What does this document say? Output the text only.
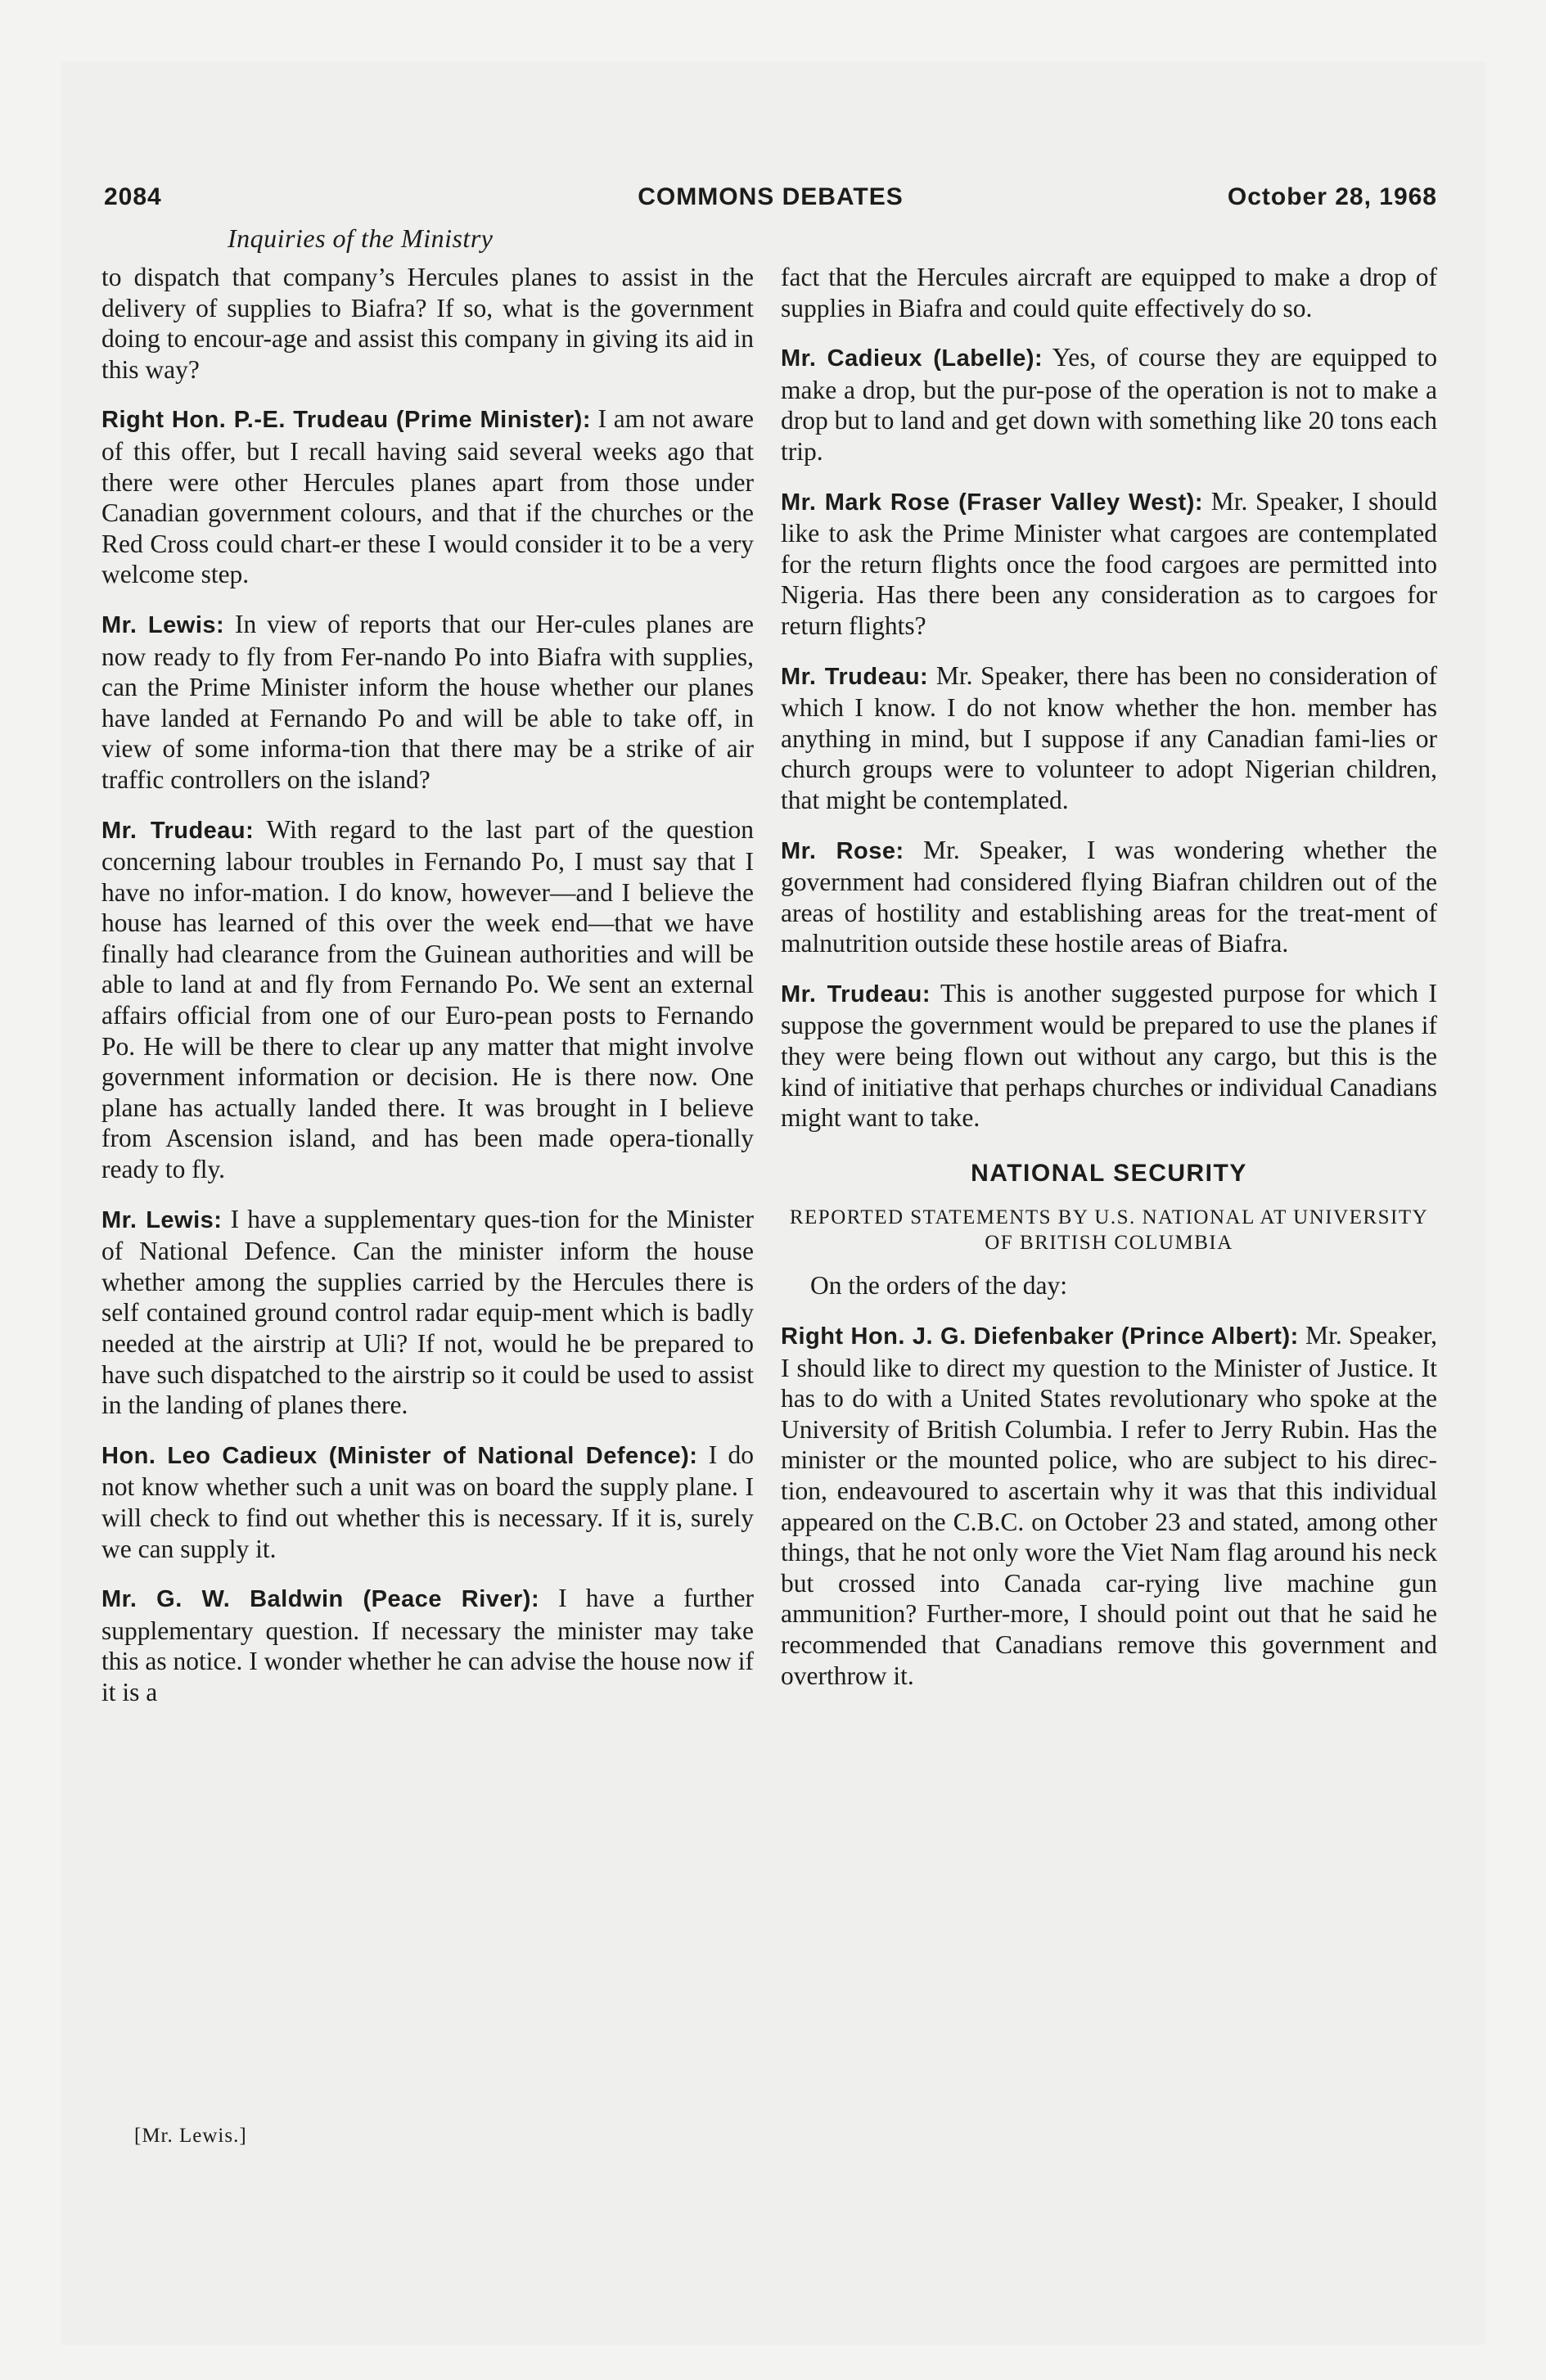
2084	COMMONS DEBATES	October 28, 1968
Inquiries of the Ministry

to dispatch that company’s Hercules planes to assist in the delivery of supplies to Biafra? If so, what is the government doing to encour-age and assist this company in giving its aid in this way?

Right Hon. P.-E. Trudeau (Prime Minister): I am not aware of this offer, but I recall having said several weeks ago that there were other Hercules planes apart from those under Canadian government colours, and that if the churches or the Red Cross could chart-er these I would consider it to be a very welcome step.

Mr. Lewis: In view of reports that our Her-cules planes are now ready to fly from Fer-nando Po into Biafra with supplies, can the Prime Minister inform the house whether our planes have landed at Fernando Po and will be able to take off, in view of some informa-tion that there may be a strike of air traffic controllers on the island?

Mr. Trudeau: With regard to the last part of the question concerning labour troubles in Fernando Po, I must say that I have no infor-mation. I do know, however—and I believe the house has learned of this over the week end—that we have finally had clearance from the Guinean authorities and will be able to land at and fly from Fernando Po. We sent an external affairs official from one of our Euro-pean posts to Fernando Po. He will be there to clear up any matter that might involve government information or decision. He is there now. One plane has actually landed there. It was brought in I believe from Ascension island, and has been made opera-tionally ready to fly.

Mr. Lewis: I have a supplementary ques-tion for the Minister of National Defence. Can the minister inform the house whether among the supplies carried by the Hercules there is self contained ground control radar equip-ment which is badly needed at the airstrip at Uli? If not, would he be prepared to have such dispatched to the airstrip so it could be used to assist in the landing of planes there.

Hon. Leo Cadieux (Minister of National Defence): I do not know whether such a unit was on board the supply plane. I will check to find out whether this is necessary. If it is, surely we can supply it.

Mr. G. W. Baldwin (Peace River): I have a further supplementary question. If necessary the minister may take this as notice. I wonder whether he can advise the house now if it is a

fact that the Hercules aircraft are equipped to make a drop of supplies in Biafra and could quite effectively do so.

Mr. Cadieux (Labelle): Yes, of course they are equipped to make a drop, but the pur-pose of the operation is not to make a drop but to land and get down with something like 20 tons each trip.

Mr. Mark Rose (Fraser Valley West): Mr. Speaker, I should like to ask the Prime Minister what cargoes are contemplated for the return flights once the food cargoes are permitted into Nigeria. Has there been any consideration as to cargoes for return flights?

Mr. Trudeau: Mr. Speaker, there has been no consideration of which I know. I do not know whether the hon. member has anything in mind, but I suppose if any Canadian fami-lies or church groups were to volunteer to adopt Nigerian children, that might be contemplated.

Mr. Rose: Mr. Speaker, I was wondering whether the government had considered flying Biafran children out of the areas of hostility and establishing areas for the treat-ment of malnutrition outside these hostile areas of Biafra.

Mr. Trudeau: This is another suggested purpose for which I suppose the government would be prepared to use the planes if they were being flown out without any cargo, but this is the kind of initiative that perhaps churches or individual Canadians might want to take.

NATIONAL SECURITY
REPORTED STATEMENTS BY U.S. NATIONAL AT UNIVERSITY OF BRITISH COLUMBIA

On the orders of the day:

Right Hon. J. G. Diefenbaker (Prince Albert): Mr. Speaker, I should like to direct my question to the Minister of Justice. It has to do with a United States revolutionary who spoke at the University of British Columbia. I refer to Jerry Rubin. Has the minister or the mounted police, who are subject to his direc-tion, endeavoured to ascertain why it was that this individual appeared on the C.B.C. on October 23 and stated, among other things, that he not only wore the Viet Nam flag around his neck but crossed into Canada car-rying live machine gun ammunition? Further-more, I should point out that he said he recommended that Canadians remove this government and overthrow it.

[Mr. Lewis.]
